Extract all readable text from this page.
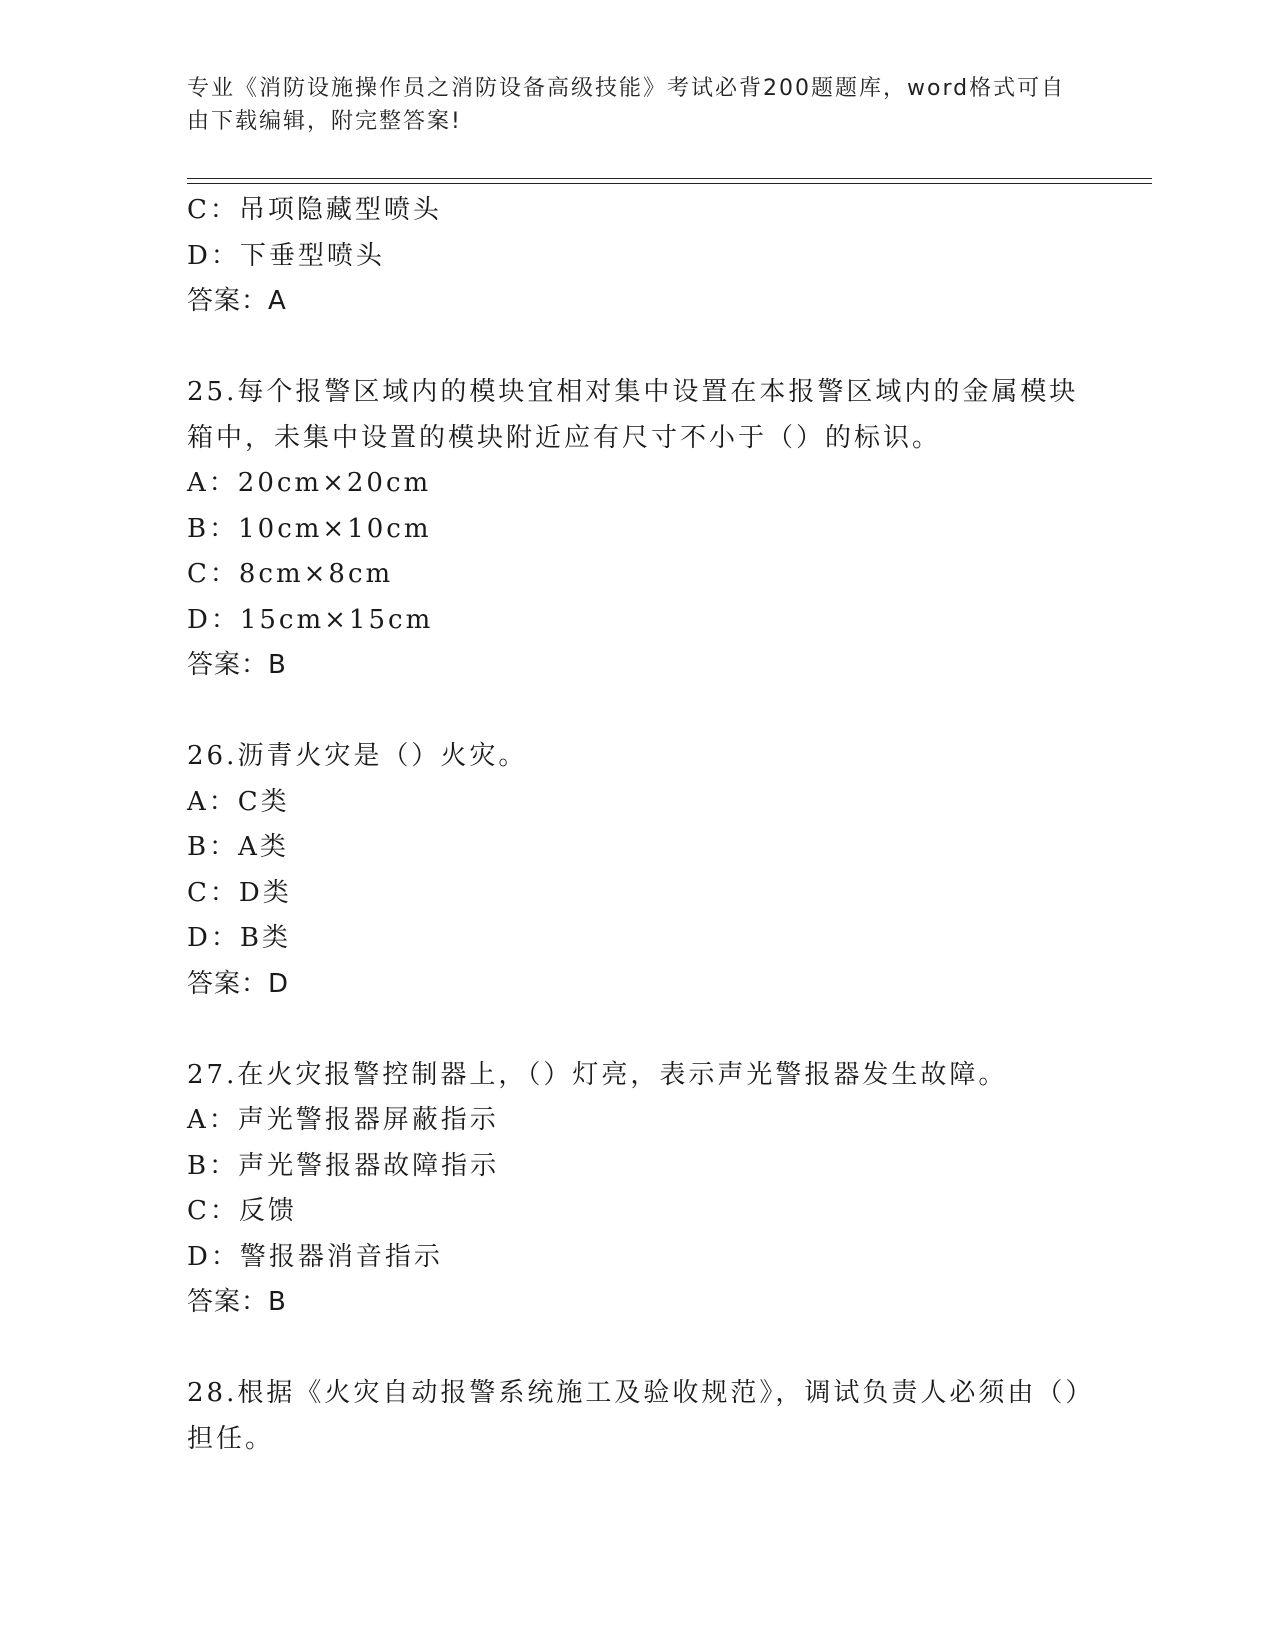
专业《消防设施操作员之消防设备高级技能》考试必背200题题库，word格式可自由下载编辑，附完整答案!
C：吊项隐藏型喷头
D：下垂型喷头
答案：A
25.每个报警区域内的模块宜相对集中设置在本报警区域内的金属模块箱中，未集中设置的模块附近应有尺寸不小于（）的标识。
A：20cm×20cm
B：10cm×10cm
C：8cm×8cm
D：15cm×15cm
答案：B
26.沥青火灾是（）火灾。
A：C类
B：A类
C：D类
D：B类
答案：D
27.在火灾报警控制器上，（）灯亮，表示声光警报器发生故障。
A：声光警报器屏蔽指示
B：声光警报器故障指示
C：反馈
D：警报器消音指示
答案：B
28.根据《火灾自动报警系统施工及验收规范》，调试负责人必须由（）担任。
